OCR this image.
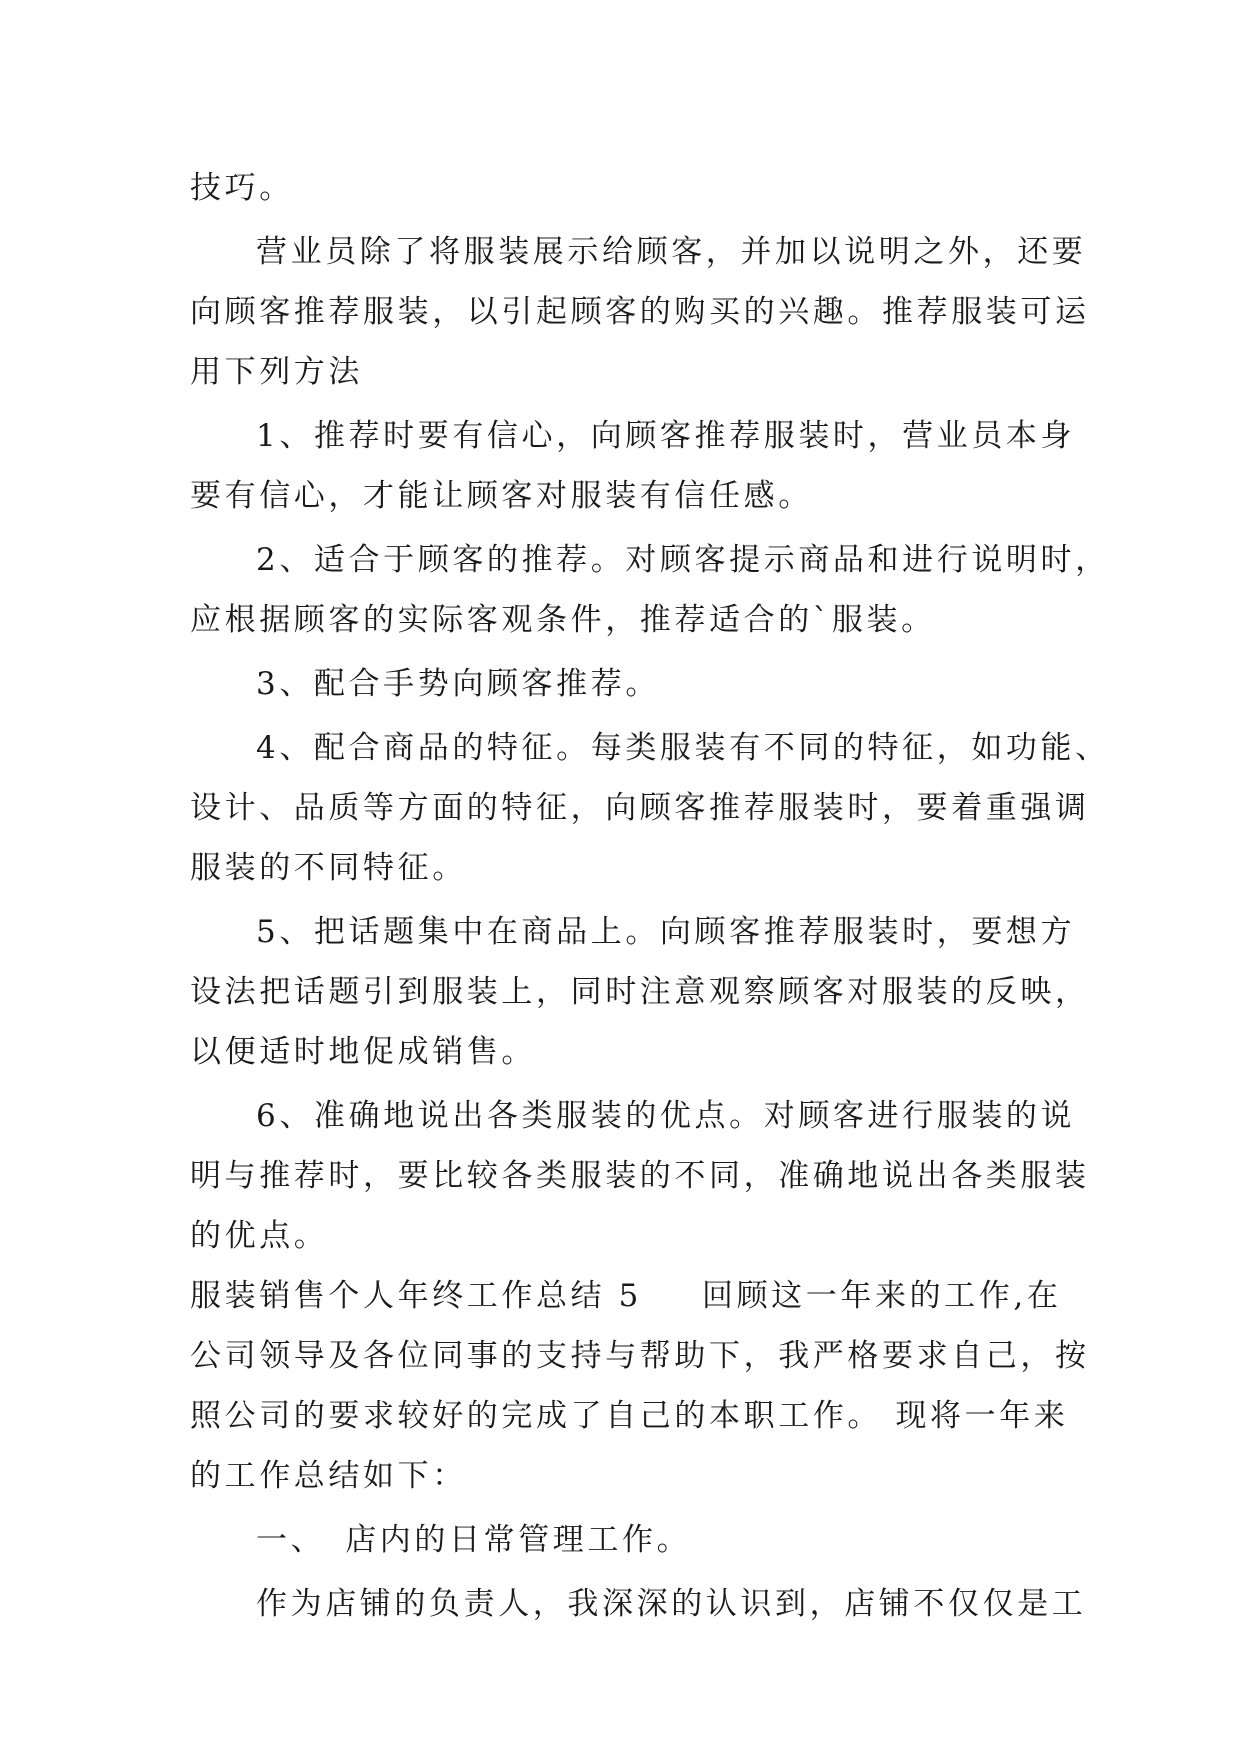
技巧。
营业员除了将服装展示给顾客，并加以说明之外，还要
向顾客推荐服装，以引起顾客的购买的兴趣。推荐服装可运
用下列方法
1、推荐时要有信心，向顾客推荐服装时，营业员本身
要有信心，才能让顾客对服装有信任感。
2、适合于顾客的推荐。对顾客提示商品和进行说明时，
应根据顾客的实际客观条件，推荐适合的`服装。
3、配合手势向顾客推荐。
4、配合商品的特征。每类服装有不同的特征，如功能、
设计、品质等方面的特征，向顾客推荐服装时，要着重强调
服装的不同特征。
5、把话题集中在商品上。向顾客推荐服装时，要想方
设法把话题引到服装上，同时注意观察顾客对服装的反映，
以便适时地促成销售。
6、准确地说出各类服装的优点。对顾客进行服装的说
明与推荐时，要比较各类服装的不同，准确地说出各类服装
的优点。
服装销售个人年终工作总结 5 回顾这一年来的工作,在
公司领导及各位同事的支持与帮助下，我严格要求自己，按
照公司的要求较好的完成了自己的本职工作。 现将一年来
的工作总结如下：
一、 店内的日常管理工作。
作为店铺的负责人，我深深的认识到，店铺不仅仅是工
